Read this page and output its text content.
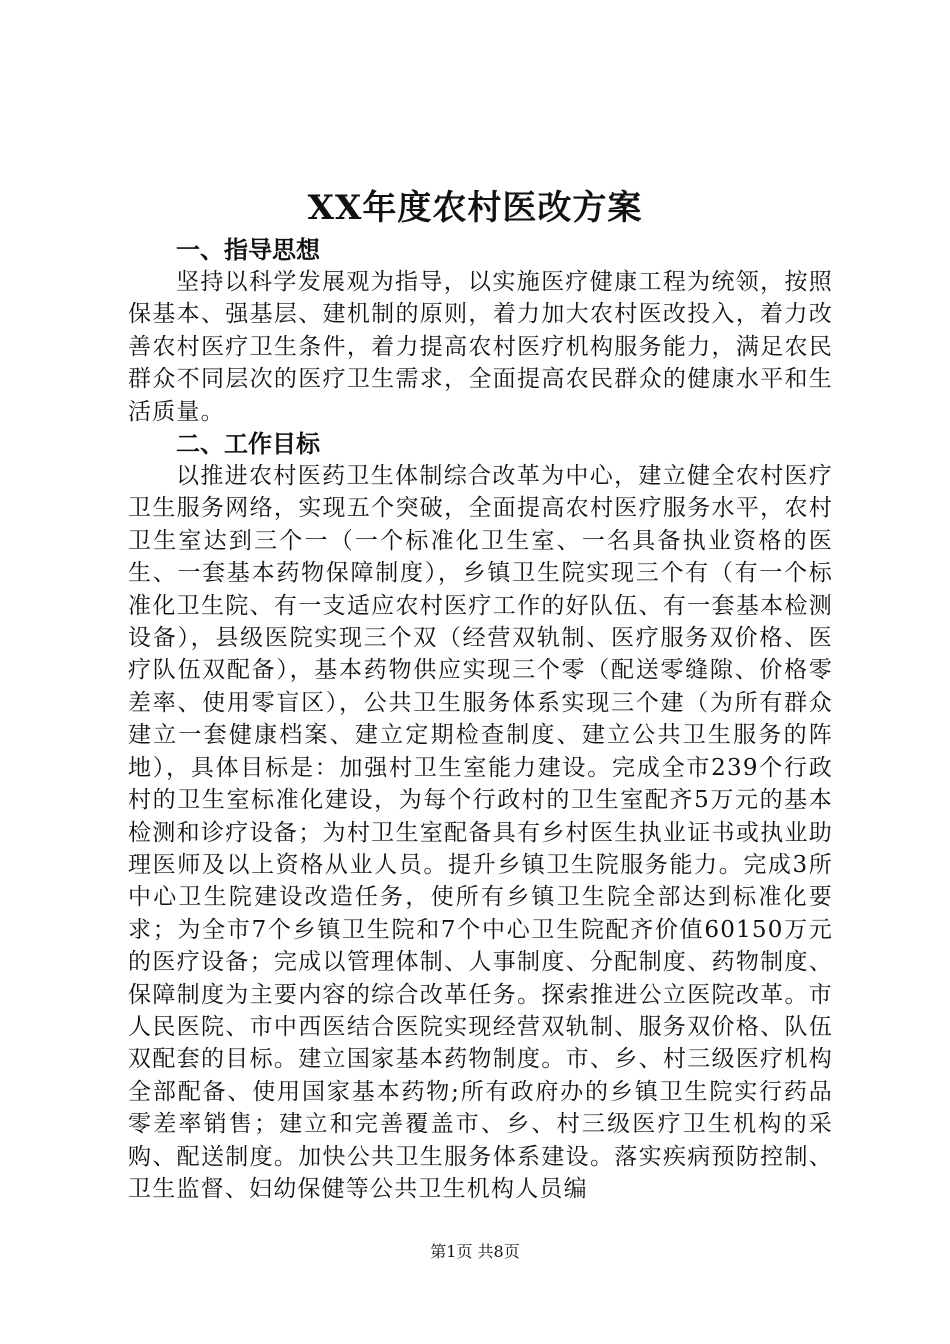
XX年度农村医改方案
一、指导思想

坚持以科学发展观为指导，以实施医疗健康工程为统领，按照保基本、强基层、建机制的原则，着力加大农村医改投入，着力改善农村医疗卫生条件，着力提高农村医疗机构服务能力，满足农民群众不同层次的医疗卫生需求，全面提高农民群众的健康水平和生活质量。

二、工作目标

以推进农村医药卫生体制综合改革为中心，建立健全农村医疗卫生服务网络，实现五个突破，全面提高农村医疗服务水平，农村卫生室达到三个一（一个标准化卫生室、一名具备执业资格的医生、一套基本药物保障制度），乡镇卫生院实现三个有（有一个标准化卫生院、有一支适应农村医疗工作的好队伍、有一套基本检测设备），县级医院实现三个双（经营双轨制、医疗服务双价格、医疗队伍双配备），基本药物供应实现三个零（配送零缝隙、价格零差率、使用零盲区），公共卫生服务体系实现三个建（为所有群众建立一套健康档案、建立定期检查制度、建立公共卫生服务的阵地），具体目标是：加强村卫生室能力建设。完成全市239个行政村的卫生室标准化建设，为每个行政村的卫生室配齐5万元的基本检测和诊疗设备；为村卫生室配备具有乡村医生执业证书或执业助理医师及以上资格从业人员。提升乡镇卫生院服务能力。完成3所中心卫生院建设改造任务，使所有乡镇卫生院全部达到标准化要求；为全市7个乡镇卫生院和7个中心卫生院配齐价值60150万元的医疗设备；完成以管理体制、人事制度、分配制度、药物制度、保障制度为主要内容的综合改革任务。探索推进公立医院改革。市人民医院、市中西医结合医院实现经营双轨制、服务双价格、队伍双配套的目标。建立国家基本药物制度。市、乡、村三级医疗机构全部配备、使用国家基本药物;所有政府办的乡镇卫生院实行药品零差率销售；建立和完善覆盖市、乡、村三级医疗卫生机构的采购、配送制度。加快公共卫生服务体系建设。落实疾病预防控制、卫生监督、妇幼保健等公共卫生机构人员编

第1页 共8页
